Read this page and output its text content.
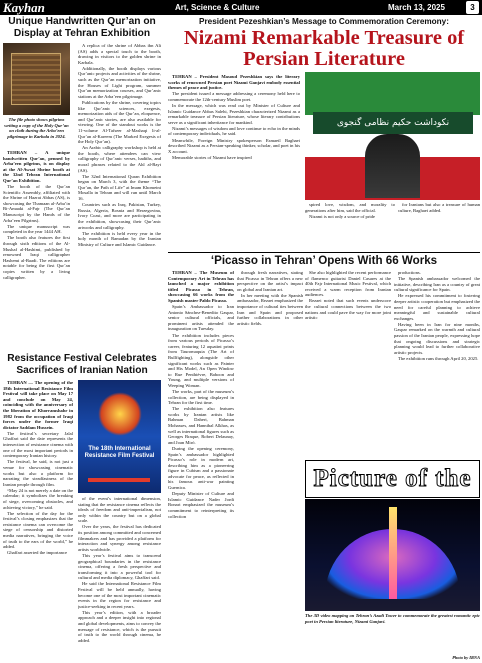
Kayhan	Art, Science & Culture	March 13, 2025	3
Unique Handwritten Qur’an on Display at Tehran Exhibition
The file photo shows pilgrims writing a copy of the Holy Qur’an on cloth during the Arba’een pilgrimage in Karbala in 2024.

TEHRAN – A unique handwritten Qur’an, penned by Arba’een pilgrims, is on display at the Al-Awsat Shrine booth at the 32nd Tehran International Qur’an Exhibition.

The booth of the Qur’an Scientific Assembly, affiliated with the Shrine of Hazrat Abbas (AS), is showcasing the Thamaan al-Arba’in Bi-Amaaki al-Fajr (The Qur’an Manuscript by the Hands of the Arba’een Pilgrims).

The unique manuscript was completed in the year 1444 AH.

The booth also features the first through sixth editions of the Al-Mushaf al-Hashimi, published by renowned Iraqi calligrapher Hashemi al-Baadi. The editions are notable for being the first Qur’an copies written by a living calligrapher.

A replica of the shrine of Abbas ibn Ali (AS) adds a special touch to the booth, drawing in visitors to the golden shrine in Karbala.

Additionally, the booth displays various Qur’anic projects and activities of the shrine, such as the Qur’an memorization initiative, the Houses of Light program, summer Qur’an memorization courses, and Qur’anic stations at the Arba’een pilgrimage.

Publications by the shrine, covering topics like Qur’anic sciences, exegesis, memorization aids of the Qur’an, eloquence, and Qur’anic stories, are also available for viewing. One of the standout works is the 11-volume Al-Tafseer al-Mashaqi li-al-Qur’an al-Kareem (The Marked Exegesis of the Holy Qur’an).

An Arabic calligraphy workshop is held at the booth, where attendees can view calligraphy of Qur’anic verses, hadiths, and moral phrases related to the Ahl al-Bayt (AS).

The 32nd International Quran Exhibition began on March 3, with the theme “The Qur’an, the Path of Life” at Imam Khomeini Mosalla in Tehran and will run until March 16.

Countries such as Iraq, Pakistan, Turkey, Russia, Algeria, Bosnia and Herzegovina, Ivory Coast, and more are participating in the exhibition, showcasing their Qur’anic artworks and calligraphy.

The exhibition is held every year in the holy month of Ramadan by the Iranian Ministry of Culture and Islamic Guidance.

Resistance Festival Celebrates Sacrifices of Iranian Nation

TEHRAN — The opening of the 18th International Resistance Film Festival will take place on May 17 and conclude on May 24, coinciding with the anniversary of the liberation of Khorramshahr in 1982 from the occupation of Iraqi forces under the former Iraqi dictator Saddam Hussein.

The festival’s secretary Jalal Ghaffari said the date represents the intersection of resistance cinema with one of the most important periods in contemporary Iranian history.

The festival, he said, is not just a venue for showcasing cinematic works but also a platform for narrating the steadfastness of the Iranian people through film.

“May 24 is not merely a date on the calendar; it symbolizes the breaking of siege, overcoming obstacles, and achieving victory,” he said.

The selection of the day for the festival’s closing emphasizes that the resistance cinema can overcome the siege of censorship and distorted media narratives, bringing the voice of truth to the ears of the world,” he added.

Ghaffari asserted the importance

The 18th International Resistance Film Festival

of the event’s international dimension, stating that the resistance cinema reflects the ideals of freedom and anti-imperialism, not only within the country but on a global scale.

Over the years, the festival has dedicated its position among committed and concerned filmmakers and has provided a platform for interaction and synergy among resistance artists worldwide.

This year’s festival aims to transcend geographical boundaries in the resistance cinema, offering a fresh perspective and transforming it into a powerful tool for cultural and media diplomacy, Ghaffari said.

He said the International Resistance Film Festival will be held annually, having become one of the most important cinematic events in the region for resistance and justice-seeking in recent years.

This year’s edition, with a broader approach and a deeper insight into regional and global developments, aims to convey the message of resistance, which is the pursuit of truth to the world through cinema, he added.

President Pezeshkian’s Message to Commemoration Ceremony:
Nizami Remarkable Treasure of Persian Literature

TEHRAN – President Masoud Pezeshkian says the literary works of renowned Persian poet Nizami Ganjavi embody essential themes of peace and justice.

The president issued a message addressing a ceremony held here to commemorate the 12th-century Muslim poet.

In the message, which was read out by Minister of Culture and Islamic Guidance Abbas Salehi, Pezeshkian characterized Nizami as a remarkable treasure of Persian literature, whose literary contributions serve as a significant inheritance for mankind.

Nizami’s messages of wisdom and love continue to echo in the minds of contemporary individuals, he said.

Meanwhile, Foreign Ministry spokesperson Esmaeil Baghaei described Nizami as a Persian-speaking thinker, scholar, and poet in his X account.

Memorable stories of Nizami have inspired

نکوداشت حکیم نظامی گنجوی

spired love, wisdom, and morality to generations after him, said the official.

Nizami is not only a source of pride

for Iranians but also a treasure of human culture, Baghaei added.

‘Picasso in Tehran’ Opens With 66 Works

TEHRAN – The Museum of Contemporary Art in Tehran has launched a major exhibition titled Picasso in Tehran, showcasing 66 works from the Spanish master Pablo Picasso.

Spain’s Ambassador to Iran Antonio Sánchez-Benedito Gaspar, senior cultural officials, and prominent artists attended the inauguration on Tuesday.

The exhibition includes pieces from various periods of Picasso’s career, featuring 12 aquatint prints from Tauromaquia (The Art of Bullfighting), alongside other significant works such as Painter and His Model, An Open Window to Rue Penthièvre, Baboon and Young, and multiple versions of Weeping Woman.

The works, part of the museum’s collection, are being displayed in Tehran for the first time.

The exhibition also features works by Iranian artists like Bahman Daheri, Bahman Mohasses, and Hannibal Alkhas, as well as international figures such as Georges Braque, Robert Delaunay, and Joan Miró.

During the opening ceremony, Spain’s ambassador highlighted Picasso’s role in modern art, describing him as a pioneering figure in Cubism and a passionate advocate for peace, as reflected in his famous anti-war painting Guernica.

Deputy Minister of Culture and Islamic Guidance Nader Jordi Bonari emphasized the museum’s commitment to reinterpreting its collection

through fresh narratives, stating that Picasso in Tehran offers a new perspective on the artist’s impact on global and Iranian art.

In her meeting with the Spanish ambassador, Rezaei emphasized the importance of cultural ties between Iran and Spain and proposed further collaborations in other artistic fields.

She also highlighted the recent performance of flamenco guitarist Daniel Casares at the 40th Fajr International Music Festival, which received a warm reception from Iranian audiences.

Rezaei noted that such events underscore the cultural connections between the two nations and could pave the way for more joint artistic

productions.

The Spanish ambassador welcomed the initiative, describing Iran as a country of great cultural significance for Spain.

He expressed his commitment to fostering deeper artistic cooperation but emphasized the need for careful planning to achieve meaningful and sustainable cultural exchanges.

Having been in Iran for nine months, Gaspar remarked on the warmth and cultural passion of the Iranian people, expressing hope that ongoing discussions and strategic planning would lead to further collaborative artistic projects.

The exhibition runs through April 20, 2025.

Picture of the
The 3D video mapping on Tehran’s Azadi Tower to commemorate the greatest romantic epic poet in Persian literature, Nizami Ganjavi.
Photo by IRNA
